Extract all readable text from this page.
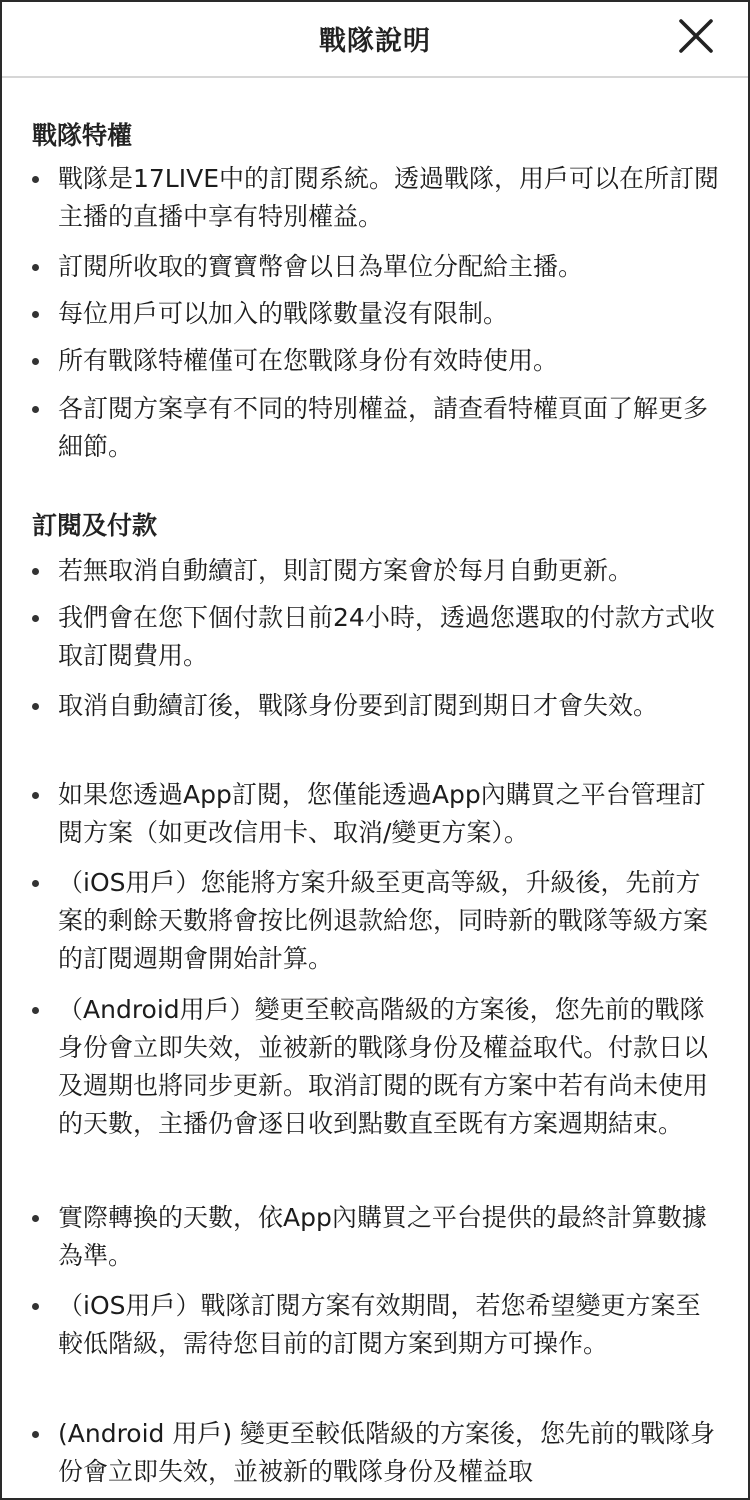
戰隊說明
戰隊特權
戰隊是17LIVE中的訂閱系統。透過戰隊，用戶可以在所訂閱主播的直播中享有特別權益。
訂閱所收取的寶寶幣會以日為單位分配給主播。
每位用戶可以加入的戰隊數量沒有限制。
所有戰隊特權僅可在您戰隊身份有效時使用。
各訂閱方案享有不同的特別權益，請查看特權頁面了解更多細節。
訂閱及付款
若無取消自動續訂，則訂閱方案會於每月自動更新。
我們會在您下個付款日前24小時，透過您選取的付款方式收取訂閱費用。
取消自動續訂後，戰隊身份要到訂閱到期日才會失效。
如果您透過App訂閱，您僅能透過App內購買之平台管理訂閱方案（如更改信用卡、取消/變更方案）。
（iOS用戶）您能將方案升級至更高等級，升級後，先前方案的剩餘天數將會按比例退款給您，同時新的戰隊等級方案的訂閱週期會開始計算。
（Android用戶）變更至較高階級的方案後，您先前的戰隊身份會立即失效，並被新的戰隊身份及權益取代。付款日以及週期也將同步更新。取消訂閱的既有方案中若有尚未使用的天數，主播仍會逐日收到點數直至既有方案週期結束。
實際轉換的天數，依App內購買之平台提供的最終計算數據為準。
（iOS用戶）戰隊訂閱方案有效期間，若您希望變更方案至較低階級，需待您目前的訂閱方案到期方可操作。
(Android 用戶) 變更至較低階級的方案後，您先前的戰隊身份會立即失效，並被新的戰隊身份及權益取
